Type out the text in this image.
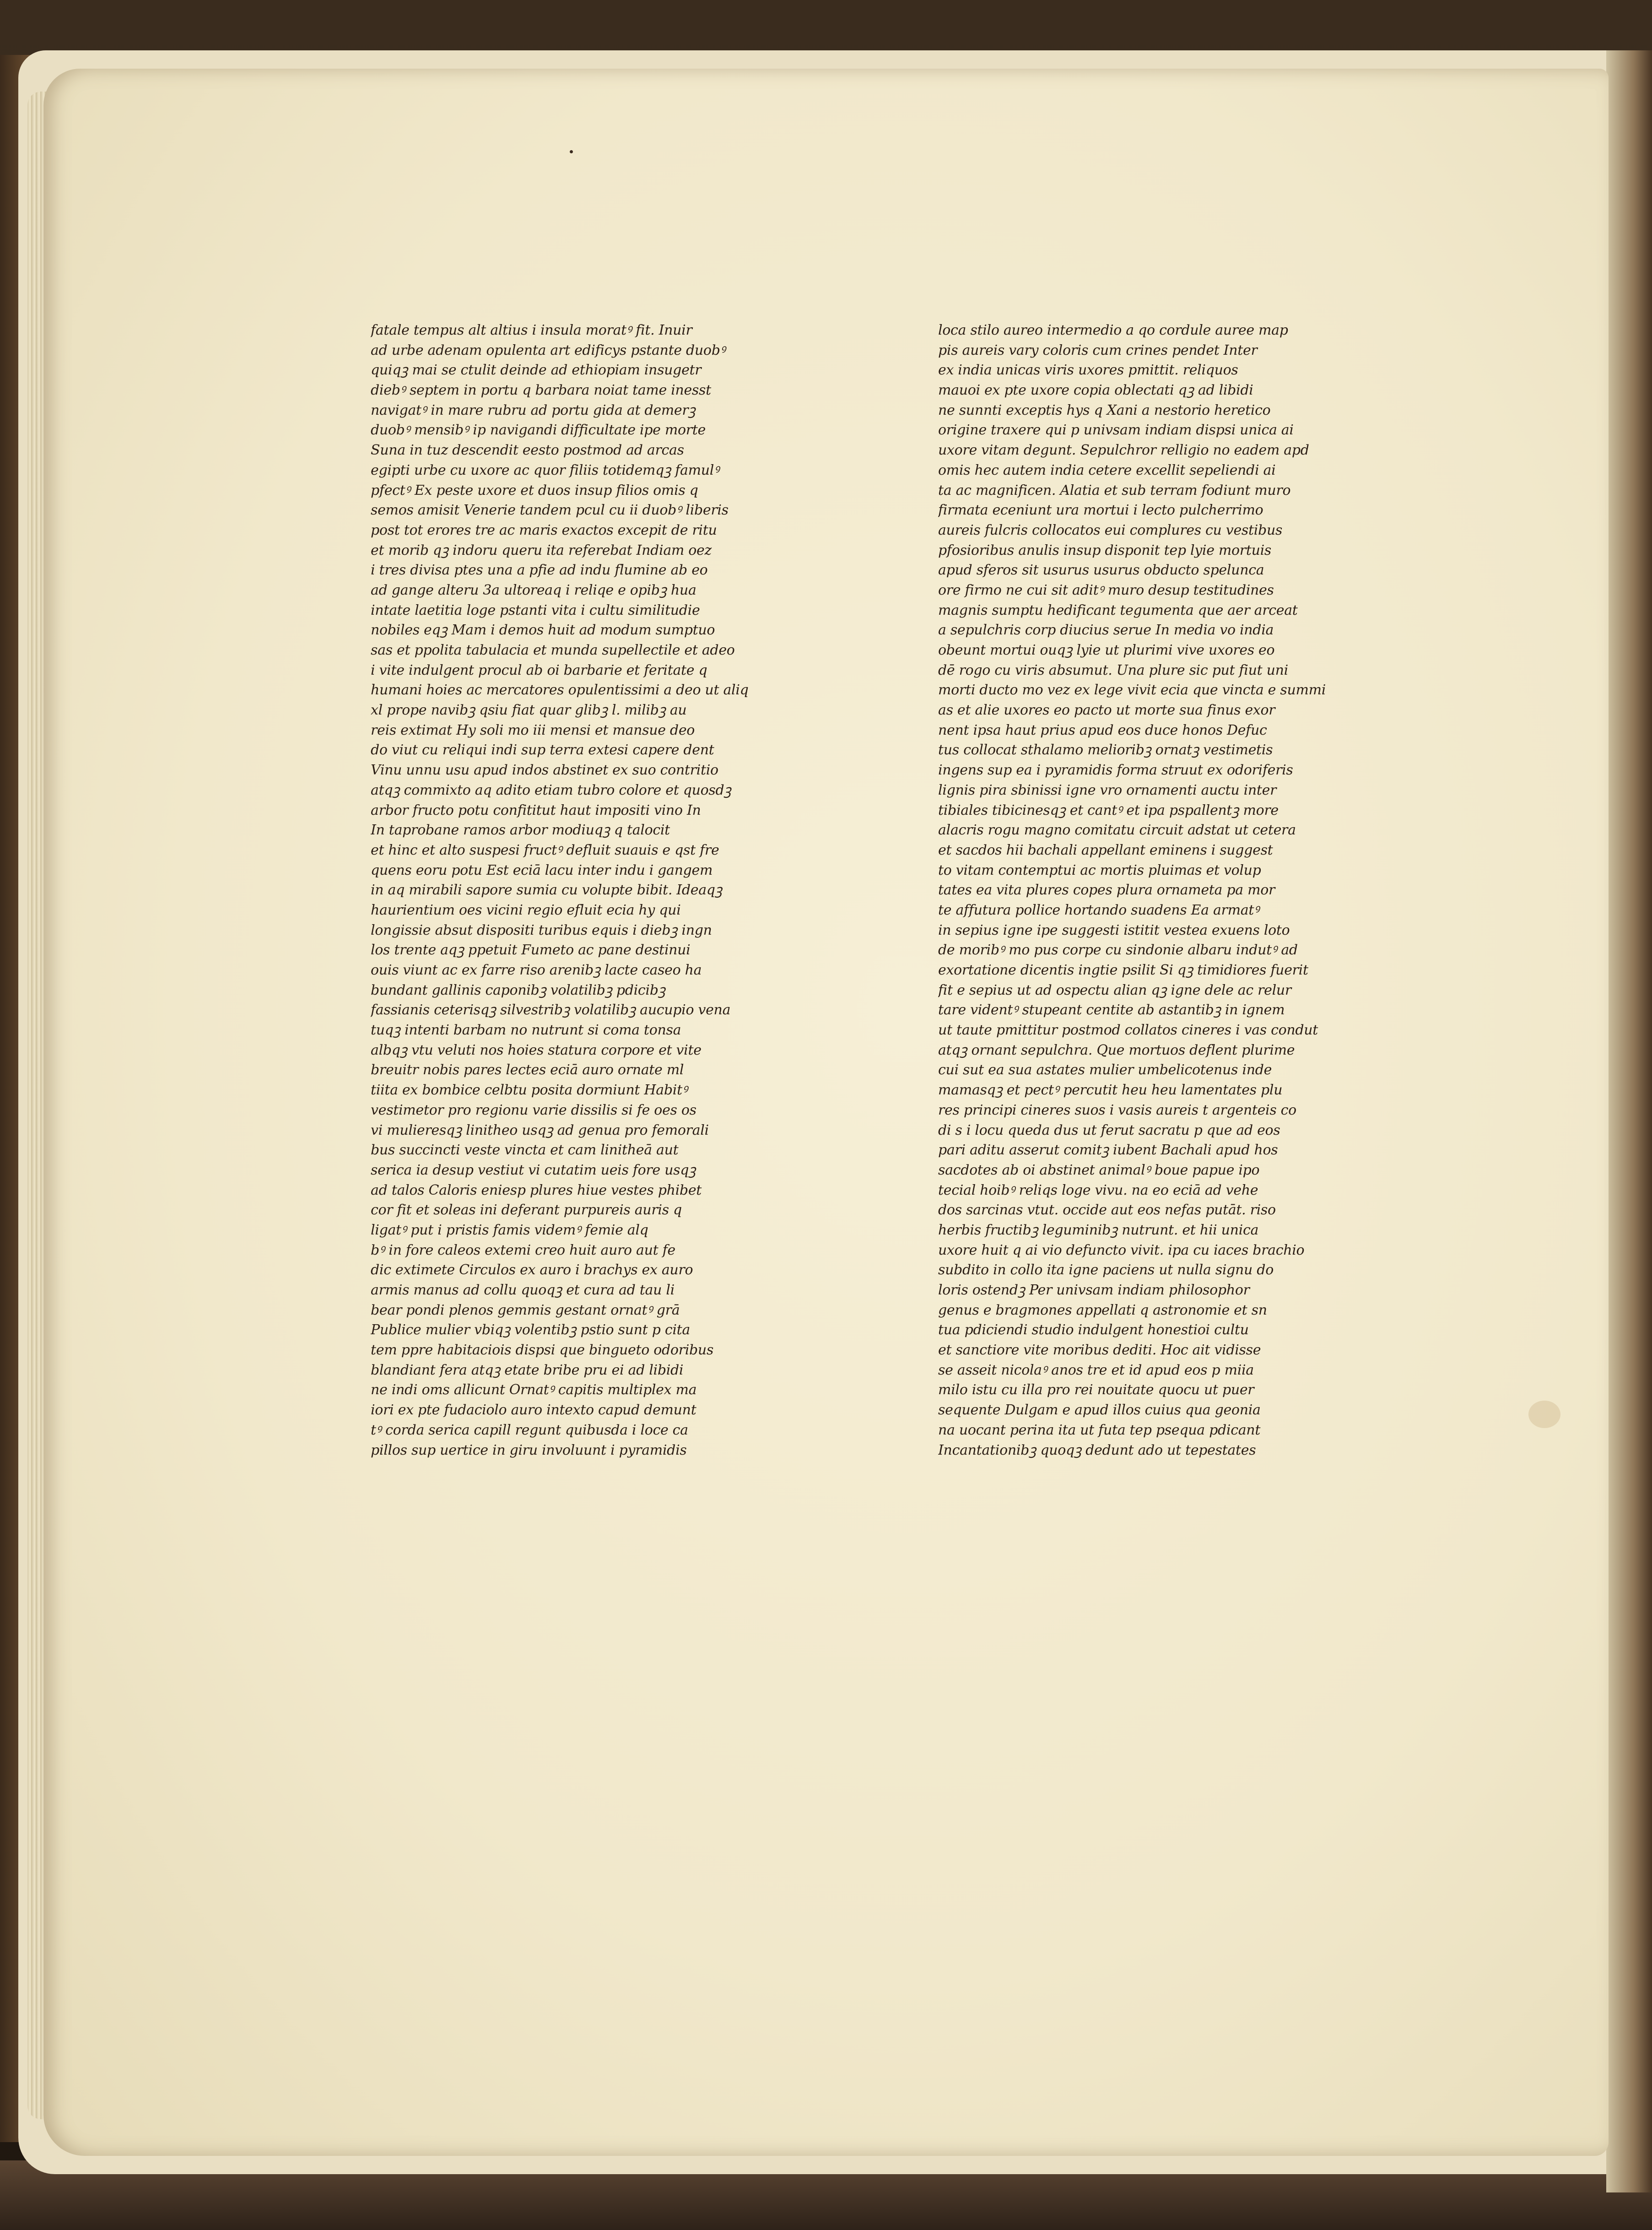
fatale tempus alt altius i insula moratꝰ fit. Inuir
ad urbe adenam opulenta art edificys pstante duobꝰ
quiqꝫ mai se ctulit deinde ad ethiopiam insugetr
diebꝰ septem in portu q barbara noiat tame inesst
navigatꝰ in mare rubru ad portu gida at demerꝫ
duobꝰ mensibꝰ ip navigandi difficultate ipe morte
Suna in tuz descendit eesto postmod ad arcas
egipti urbe cu uxore ac quor filiis totidemqꝫ famulꝰ
pfectꝰ Ex peste uxore et duos insup filios omis q
semos amisit Venerie tandem pcul cu ii duobꝰ liberis
post tot erores tre ac maris exactos excepit de ritu
et morib qꝫ indoru queru ita referebat Indiam oez
i tres divisa ptes una a pfie ad indu flumine ab eo
ad gange alteru 3a ultoreaq i reliqe e opibꝫ hua
intate laetitia loge pstanti vita i cultu similitudie
nobiles eqꝫ Mam i demos huit ad modum sumptuo
sas et ppolita tabulacia et munda supellectile et adeo
i vite indulgent procul ab oi barbarie et feritate q
humani hoies ac mercatores opulentissimi a deo ut aliq
xl prope navibꝫ qsiu fiat quar glibꝫ l. milibꝫ au
reis extimat Hy soli mo iii mensi et mansue deo
do viut cu reliqui indi sup terra extesi capere dent
Vinu unnu usu apud indos abstinet ex suo contritio
atqꝫ commixto aq adito etiam tubro colore et quosdꝫ
arbor fructo potu confititut haut impositi vino In
In taprobane ramos arbor modiuqꝫ q talocit
et hinc et alto suspesi fructꝰ defluit suauis e qst fre
quens eoru potu Est eciā lacu inter indu i gangem
in aq mirabili sapore sumia cu volupte bibit. Ideaqꝫ
haurientium oes vicini regio efluit ecia hy qui
longissie absut dispositi turibus equis i diebꝫ ingn
los trente aqꝫ ppetuit Fumeto ac pane destinui
ouis viunt ac ex farre riso arenibꝫ lacte caseo ha
bundant gallinis caponibꝫ volatilibꝫ pdicibꝫ
fassianis ceterisqꝫ silvestribꝫ volatilibꝫ aucupio vena
tuqꝫ intenti barbam no nutrunt si coma tonsa
albqꝫ vtu veluti nos hoies statura corpore et vite
breuitr nobis pares lectes eciā auro ornate ml
tiita ex bombice celbtu posita dormiunt Habitꝰ
vestimetor pro regionu varie dissilis si fe oes os
vi mulieresqꝫ linitheo usqꝫ ad genua pro femorali
bus succincti veste vincta et cam linitheā aut
serica ia desup vestiut vi cutatim ueis fore usqꝫ
ad talos Caloris eniesp plures hiue vestes phibet
cor fit et soleas ini deferant purpureis auris q
ligatꝰ put i pristis famis videmꝰ femie alq
bꝰ in fore caleos extemi creo huit auro aut fe
dic extimete Circulos ex auro i brachys ex auro
armis manus ad collu quoqꝫ et cura ad tau li
bear pondi plenos gemmis gestant ornatꝰ grā
Publice mulier vbiqꝫ volentibꝫ pstio sunt p cita
tem ppre habitaciois dispsi que bingueto odoribus
blandiant fera atqꝫ etate bribe pru ei ad libidi
ne indi oms allicunt Ornatꝰ capitis multiplex ma
iori ex pte fudaciolo auro intexto capud demunt
tꝰ corda serica capill regunt quibusda i loce ca
pillos sup uertice in giru involuunt i pyramidis
loca stilo aureo intermedio a qo cordule auree map
pis aureis vary coloris cum crines pendet Inter
ex india unicas viris uxores pmittit. reliquos
mauoi ex pte uxore copia oblectati qꝫ ad libidi
ne sunnti exceptis hys q Xani a nestorio heretico
origine traxere qui p univsam indiam dispsi unica ai
uxore vitam degunt. Sepulchror relligio no eadem apd
omis hec autem india cetere excellit sepeliendi ai
ta ac magnificen. Alatia et sub terram fodiunt muro
firmata eceniunt ura mortui i lecto pulcherrimo
aureis fulcris collocatos eui complures cu vestibus
pfosioribus anulis insup disponit tep lyie mortuis
apud sferos sit usurus usurus obducto spelunca
ore firmo ne cui sit aditꝰ muro desup testitudines
magnis sumptu hedificant tegumenta que aer arceat
a sepulchris corp diucius serue In media vo india
obeunt mortui ouqꝫ lyie ut plurimi vive uxores eo
dē rogo cu viris absumut. Una plure sic put fiut uni
morti ducto mo vez ex lege vivit ecia que vincta e summi
as et alie uxores eo pacto ut morte sua finus exor
nent ipsa haut prius apud eos duce honos Defuc
tus collocat sthalamo melioribꝫ ornatꝫ vestimetis
ingens sup ea i pyramidis forma struut ex odoriferis
lignis pira sbinissi igne vro ornamenti auctu inter
tibiales tibicinesqꝫ et cantꝰ et ipa pspallentꝫ more
alacris rogu magno comitatu circuit adstat ut cetera
et sacdos hii bachali appellant eminens i suggest
to vitam contemptui ac mortis pluimas et volup
tates ea vita plures copes plura ornameta pa mor
te affutura pollice hortando suadens Ea armatꝰ
in sepius igne ipe suggesti istitit vestea exuens loto
de moribꝰ mo pus corpe cu sindonie albaru indutꝰ ad
exortatione dicentis ingtie psilit Si qꝫ timidiores fuerit
fit e sepius ut ad ospectu alian qꝫ igne dele ac relur
tare videntꝰ stupeant centite ab astantibꝫ in ignem
ut taute pmittitur postmod collatos cineres i vas condut
atqꝫ ornant sepulchra. Que mortuos deflent plurime
cui sut ea sua astates mulier umbelicotenus inde
mamasqꝫ et pectꝰ percutit heu heu lamentates plu
res principi cineres suos i vasis aureis t argenteis co
di s i locu queda dus ut ferut sacratu p que ad eos
pari aditu asserut comitꝫ iubent Bachali apud hos
sacdotes ab oi abstinet animalꝰ boue papue ipo
tecial hoibꝰ reliqs loge vivu. na eo eciā ad vehe
dos sarcinas vtut. occide aut eos nefas putāt. riso
herbis fructibꝫ leguminibꝫ nutrunt. et hii unica
uxore huit q ai vio defuncto vivit. ipa cu iaces brachio
subdito in collo ita igne paciens ut nulla signu do
loris ostendꝫ Per univsam indiam philosophor
genus e bragmones appellati q astronomie et sn
tua pdiciendi studio indulgent honestioi cultu
et sanctiore vite moribus dediti. Hoc ait vidisse
se asseit nicolaꝰ anos tre et id apud eos p miia
milo istu cu illa pro rei nouitate quocu ut puer
sequente Dulgam e apud illos cuius qua geonia
na uocant perina ita ut futa tep psequa pdicant
Incantationibꝫ quoqꝫ dedunt ado ut tepestates
